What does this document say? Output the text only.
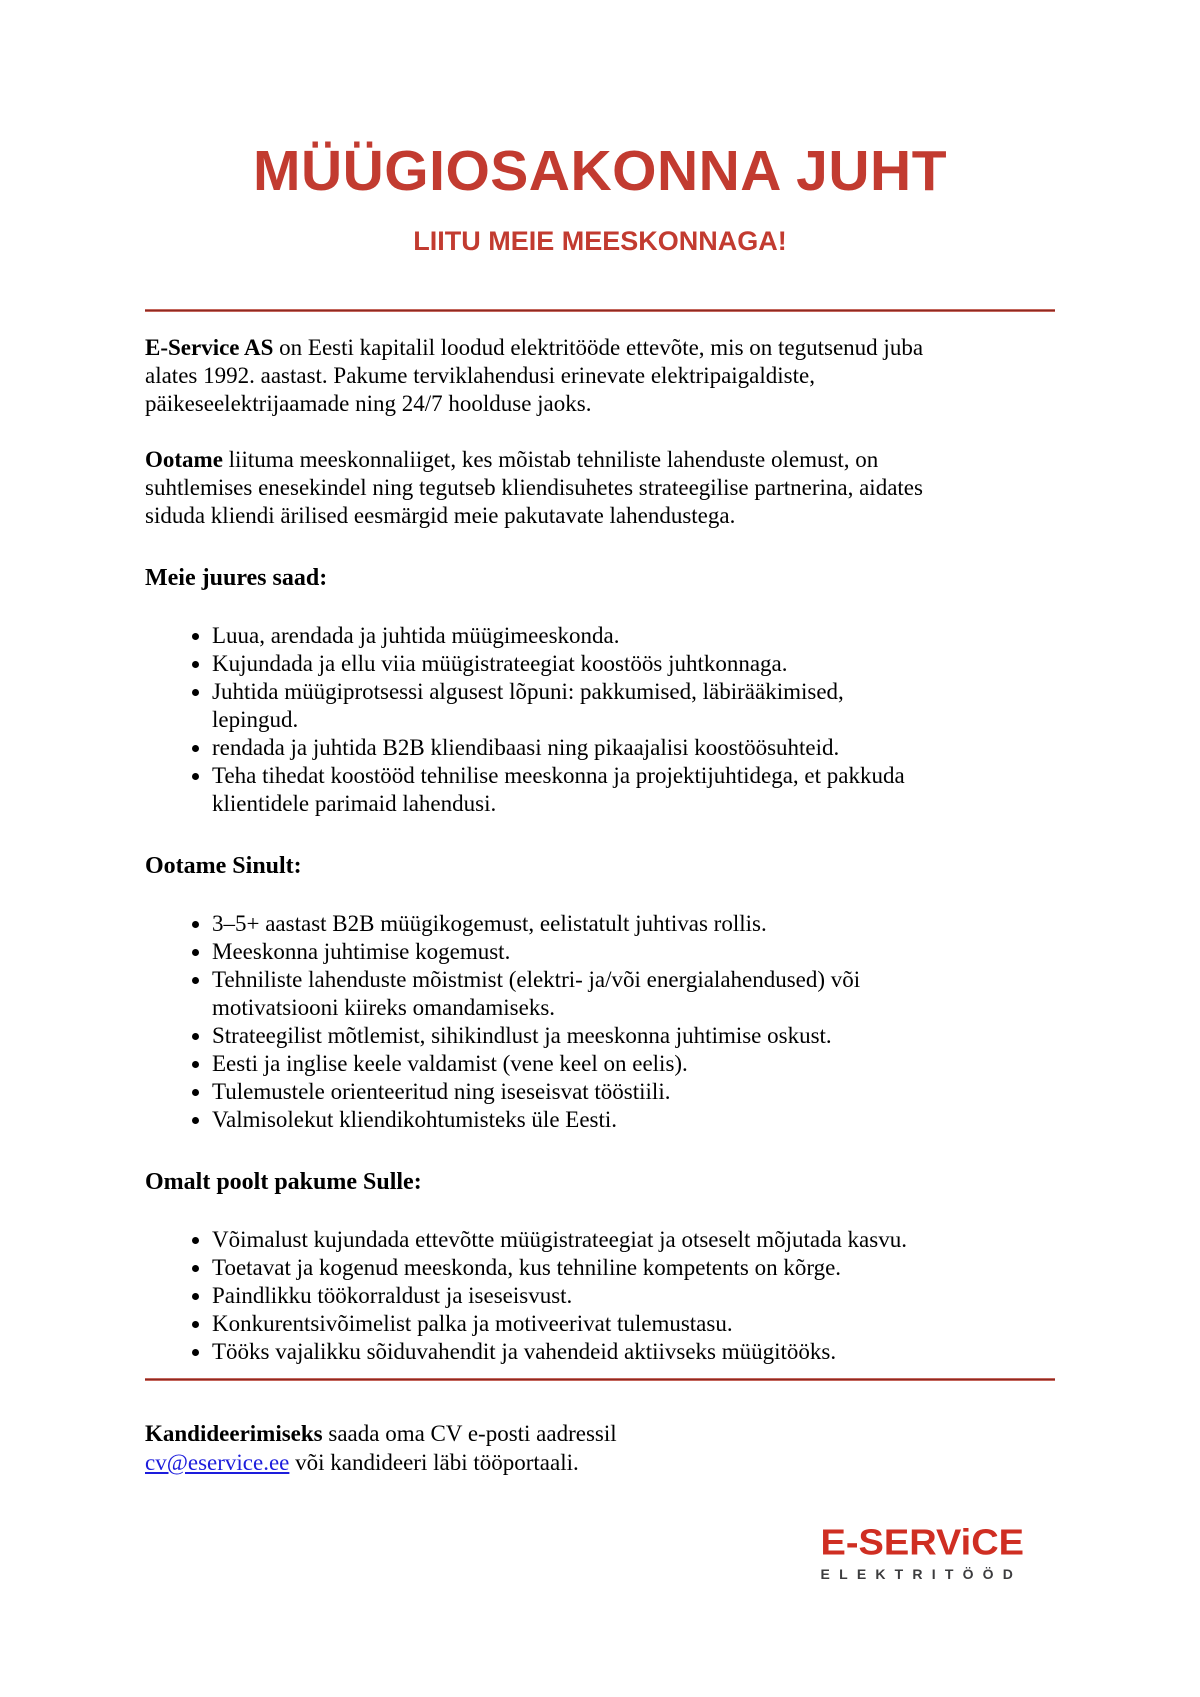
MÜÜGIOSAKONNA JUHT
LIITU MEIE MEESKONNAGA!

E-Service AS on Eesti kapitalil loodud elektritööde ettevõte, mis on tegutsenud juba alates 1992. aastast. Pakume terviklahendusi erinevate elektripaigaldiste, päikeseelektrijaamade ning 24/7 hoolduse jaoks.

Ootame liituma meeskonnaliiget, kes mõistab tehniliste lahenduste olemust, on suhtlemises enesekindel ning tegutseb kliendisuhetes strateegilise partnerina, aidates siduda kliendi ärilised eesmärgid meie pakutavate lahendustega.

Meie juures saad:
• Luua, arendada ja juhtida müügimeeskonda.
• Kujundada ja ellu viia müügistrateegiat koostöös juhtkonnaga.
• Juhtida müügiprotsessi algusest lõpuni: pakkumised, läbirääkimised, lepingud.
• rendada ja juhtida B2B kliendibaasi ning pikaajalisi koostöösuhteid.
• Teha tihedat koostööd tehnilise meeskonna ja projektijuhtidega, et pakkuda klientidele parimaid lahendusi.
Ootame Sinult:
• 3–5+ aastast B2B müügikogemust, eelistatult juhtivas rollis.
• Meeskonna juhtimise kogemust.
• Tehniliste lahenduste mõistmist (elektri- ja/või energialahendused) või motivatsiooni kiireks omandamiseks.
• Strateegilist mõtlemist, sihikindlust ja meeskonna juhtimise oskust.
• Eesti ja inglise keele valdamist (vene keel on eelis).
• Tulemustele orienteeritud ning iseseisvat tööstiili.
• Valmisolekut kliendikohtumisteks üle Eesti.
Omalt poolt pakume Sulle:
• Võimalust kujundada ettevõtte müügistrateegiat ja otseselt mõjutada kasvu.
• Toetavat ja kogenud meeskonda, kus tehniline kompetents on kõrge.
• Paindlikku töökorraldust ja iseseisvust.
• Konkurentsivõimelist palka ja motiveerivat tulemustasu.
• Tööks vajalikku sõiduvahendit ja vahendeid aktiivseks müügitööks.

Kandideerimiseks saada oma CV e-posti aadressil
cv@eservice.ee või kandideeri läbi tööportaali.

E-SERViCE
ELEKTRITÖÖD
